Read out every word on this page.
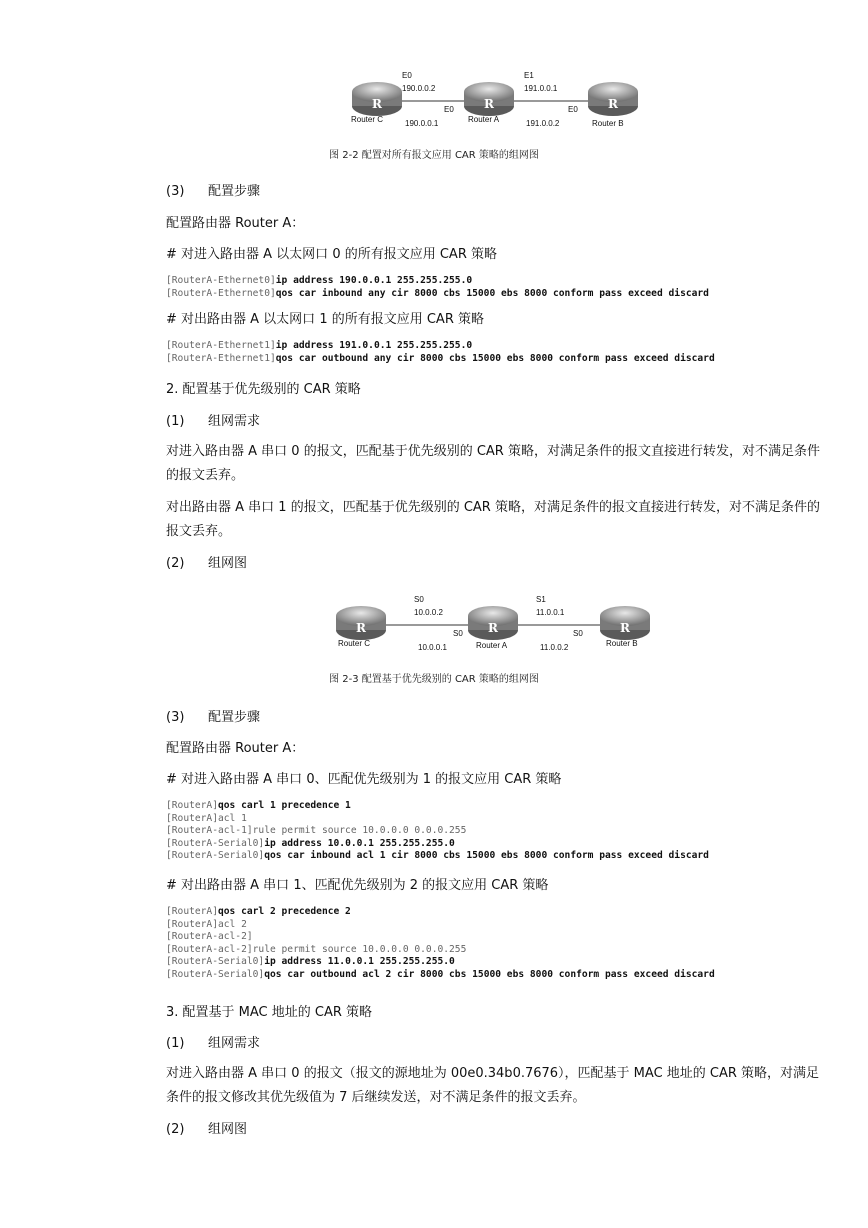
R	R	R
Router C	Router A	Router B
E0
190.0.0.2
E1
191.0.0.1
E0	E0
190.0.0.1	191.0.0.2
图 2-2 配置对所有报文应用 CAR 策略的组网图
(3) 配置步骤
配置路由器 Router A：
# 对进入路由器 A 以太网口 0 的所有报文应用 CAR 策略
[RouterA-Ethernet0]ip address 190.0.0.1 255.255.255.0
[RouterA-Ethernet0]qos car inbound any cir 8000 cbs 15000 ebs 8000 conform pass exceed discard
# 对出路由器 A 以太网口 1 的所有报文应用 CAR 策略
[RouterA-Ethernet1]ip address 191.0.0.1 255.255.255.0
[RouterA-Ethernet1]qos car outbound any cir 8000 cbs 15000 ebs 8000 conform pass exceed discard
2. 配置基于优先级别的 CAR 策略
(1) 组网需求
对进入路由器 A 串口 0 的报文，匹配基于优先级别的 CAR 策略，对满足条件的报文直接进行转发，对不满足条件的报文丢弃。
对出路由器 A 串口 1 的报文，匹配基于优先级别的 CAR 策略，对满足条件的报文直接进行转发，对不满足条件的报文丢弃。
(2) 组网图
R	R	R
Router C	Router A	Router B
S0
10.0.0.2
S1
11.0.0.1
S0	S0
10.0.0.1	11.0.0.2
图 2-3 配置基于优先级别的 CAR 策略的组网图
(3) 配置步骤
配置路由器 Router A：
# 对进入路由器 A 串口 0、匹配优先级别为 1 的报文应用 CAR 策略
[RouterA]qos carl 1 precedence 1
[RouterA]acl 1
[RouterA-acl-1]rule permit source 10.0.0.0 0.0.0.255
[RouterA-Serial0]ip address 10.0.0.1 255.255.255.0
[RouterA-Serial0]qos car inbound acl 1 cir 8000 cbs 15000 ebs 8000 conform pass exceed discard
# 对出路由器 A 串口 1、匹配优先级别为 2 的报文应用 CAR 策略
[RouterA]qos carl 2 precedence 2
[RouterA]acl 2
[RouterA-acl-2]
[RouterA-acl-2]rule permit source 10.0.0.0 0.0.0.255
[RouterA-Serial0]ip address 11.0.0.1 255.255.255.0
[RouterA-Serial0]qos car outbound acl 2 cir 8000 cbs 15000 ebs 8000 conform pass exceed discard
3. 配置基于 MAC 地址的 CAR 策略
(1) 组网需求
对进入路由器 A 串口 0 的报文（报文的源地址为 00e0.34b0.7676），匹配基于 MAC 地址的 CAR 策略，对满足条件的报文修改其优先级值为 7 后继续发送，对不满足条件的报文丢弃。
(2) 组网图
